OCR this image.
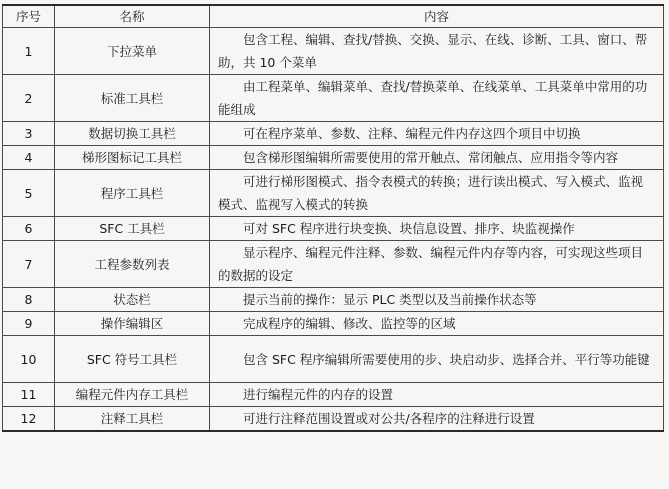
序号	名称	内容
1	下拉菜单	包含工程、编辑、查找/替换、交换、显示、在线、诊断、工具、窗口、帮助，共 10 个菜单
2	标准工具栏	由工程菜单、编辑菜单、查找/替换菜单、在线菜单、工具菜单中常用的功能组成
3	数据切换工具栏	可在程序菜单、参数、注释、编程元件内存这四个项目中切换
4	梯形图标记工具栏	包含梯形图编辑所需要使用的常开触点、常闭触点、应用指令等内容
5	程序工具栏	可进行梯形图模式、指令表模式的转换；进行读出模式、写入模式、监视模式、监视写入模式的转换
6	SFC 工具栏	可对 SFC 程序进行块变换、块信息设置、排序、块监视操作
7	工程参数列表	显示程序、编程元件注释、参数、编程元件内存等内容，可实现这些项目的数据的设定
8	状态栏	提示当前的操作：显示 PLC 类型以及当前操作状态等
9	操作编辑区	完成程序的编辑、修改、监控等的区域
10	SFC 符号工具栏	包含 SFC 程序编辑所需要使用的步、块启动步、选择合并、平行等功能键
11	编程元件内存工具栏	进行编程元件的内存的设置
12	注释工具栏	可进行注释范围设置或对公共/各程序的注释进行设置
